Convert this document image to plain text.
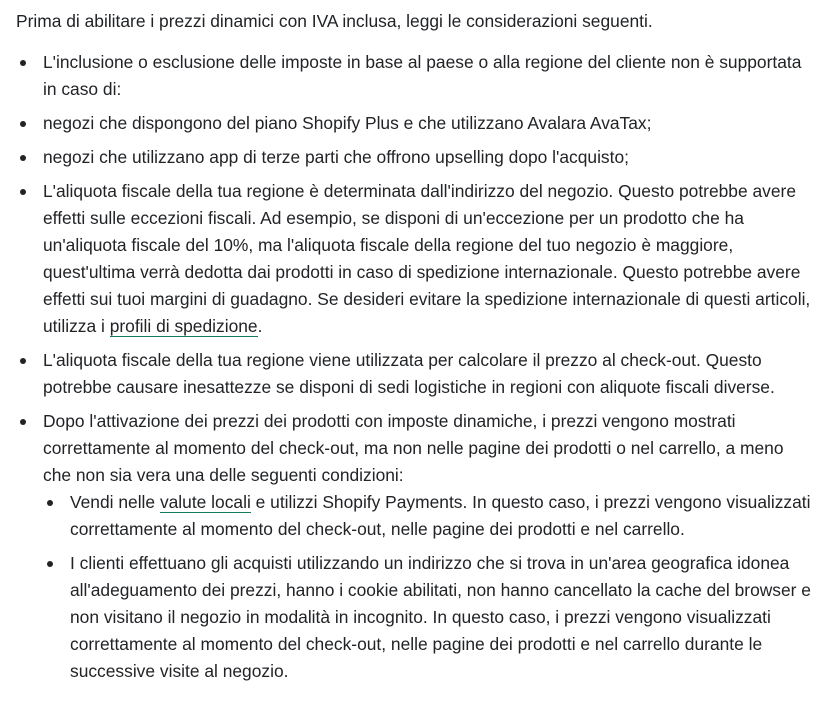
Prima di abilitare i prezzi dinamici con IVA inclusa, leggi le considerazioni seguenti.

L'inclusione o esclusione delle imposte in base al paese o alla regione del cliente non è supportata in caso di:
negozi che dispongono del piano Shopify Plus e che utilizzano Avalara AvaTax;
negozi che utilizzano app di terze parti che offrono upselling dopo l'acquisto;
L'aliquota fiscale della tua regione è determinata dall'indirizzo del negozio. Questo potrebbe avere effetti sulle eccezioni fiscali. Ad esempio, se disponi di un'eccezione per un prodotto che ha un'aliquota fiscale del 10%, ma l'aliquota fiscale della regione del tuo negozio è maggiore, quest'ultima verrà dedotta dai prodotti in caso di spedizione internazionale. Questo potrebbe avere effetti sui tuoi margini di guadagno. Se desideri evitare la spedizione internazionale di questi articoli, utilizza i profili di spedizione.
L'aliquota fiscale della tua regione viene utilizzata per calcolare il prezzo al check-out. Questo potrebbe causare inesattezze se disponi di sedi logistiche in regioni con aliquote fiscali diverse.
Dopo l'attivazione dei prezzi dei prodotti con imposte dinamiche, i prezzi vengono mostrati correttamente al momento del check-out, ma non nelle pagine dei prodotti o nel carrello, a meno che non sia vera una delle seguenti condizioni:
Vendi nelle valute locali e utilizzi Shopify Payments. In questo caso, i prezzi vengono visualizzati correttamente al momento del check-out, nelle pagine dei prodotti e nel carrello.
I clienti effettuano gli acquisti utilizzando un indirizzo che si trova in un'area geografica idonea all'adeguamento dei prezzi, hanno i cookie abilitati, non hanno cancellato la cache del browser e non visitano il negozio in modalità in incognito. In questo caso, i prezzi vengono visualizzati correttamente al momento del check-out, nelle pagine dei prodotti e nel carrello durante le successive visite al negozio.
